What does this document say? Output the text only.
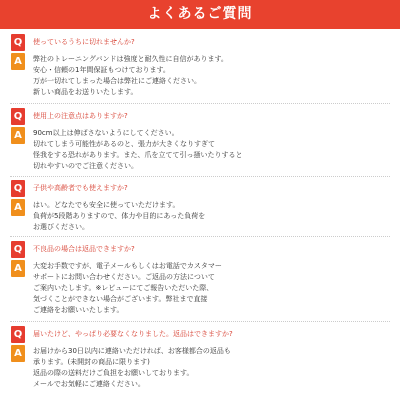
よくあるご質問
Q	使っているうちに切れませんか?
A	弊社のトレーニングバンドは強度と耐久性に自信があります。
安心・信頼の1年間保証もつけております。
万が一切れてしまった場合は弊社にご連絡ください。
新しい商品をお送りいたします。
Q	使用上の注意点はありますか?
A	90cm以上は伸ばさないようにしてください。
切れてしまう可能性があるのと、張力が大きくなりすぎて
怪我をする恐れがあります。また、爪を立てて引っ掻いたりすると
切れやすいのでご注意ください。
Q	子供や高齢者でも使えますか?
A	はい。どなたでも安全に使っていただけます。
負荷が5段階ありますので、体力や目的にあった負荷を
お選びください。
Q	不良品の場合は返品できますか?
A	大変お手数ですが、電子メールもしくはお電話でカスタマー
サポートにお問い合わせください。ご返品の方法について
ご案内いたします。※レビューにてご報告いただいた際、
気づくことができない場合がございます。弊社まで直接
ご連絡をお願いいたします。
Q	届いたけど、やっぱり必要なくなりました。返品はできますか?
A	お届けから30日以内に連絡いただければ、お客様都合の返品も
承ります。(未開封の商品に限ります)
返品の際の送料だけご負担をお願いしております。
メールでお気軽にご連絡ください。
